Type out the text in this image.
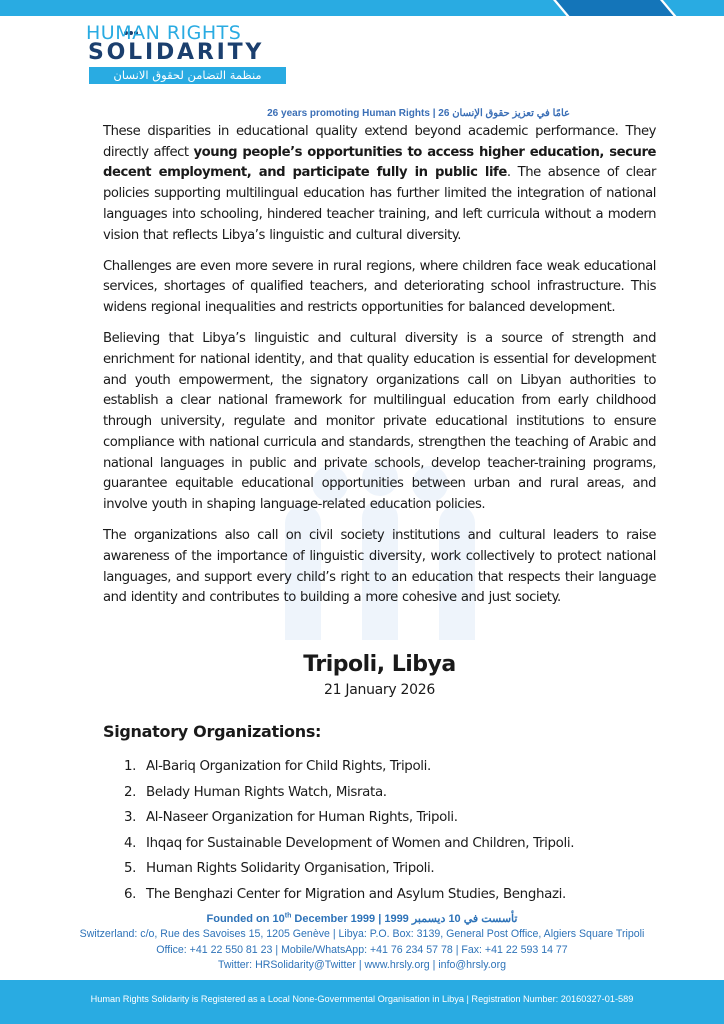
HUMAN RIGHTS
SOLIDARITY
منظمة التضامن لحقوق الانسان
26 years promoting Human Rights | 26 عامًا في تعزيز حقوق الإنسان

These disparities in educational quality extend beyond academic performance. They directly affect young people’s opportunities to access higher education, secure decent employment, and participate fully in public life. The absence of clear policies supporting multilingual education has further limited the integration of national languages into schooling, hindered teacher training, and left curricula without a modern vision that reflects Libya’s linguistic and cultural diversity.

Challenges are even more severe in rural regions, where children face weak educational services, shortages of qualified teachers, and deteriorating school infrastructure. This widens regional inequalities and restricts opportunities for balanced development.

Believing that Libya’s linguistic and cultural diversity is a source of strength and enrichment for national identity, and that quality education is essential for development and youth empowerment, the signatory organizations call on Libyan authorities to establish a clear national framework for multilingual education from early childhood through university, regulate and monitor private educational institutions to ensure compliance with national curricula and standards, strengthen the teaching of Arabic and national languages in public and private schools, develop teacher-training programs, guarantee equitable educational opportunities between urban and rural areas, and involve youth in shaping language-related education policies.

The organizations also call on civil society institutions and cultural leaders to raise awareness of the importance of linguistic diversity, work collectively to protect national languages, and support every child’s right to an education that respects their language and identity and contributes to building a more cohesive and just society.

Tripoli, Libya
21 January 2026
Signatory Organizations:
1. Al-Bariq Organization for Child Rights, Tripoli.
2. Belady Human Rights Watch, Misrata.
3. Al-Naseer Organization for Human Rights, Tripoli.
4. Ihqaq for Sustainable Development of Women and Children, Tripoli.
5. Human Rights Solidarity Organisation, Tripoli.
6. The Benghazi Center for Migration and Asylum Studies, Benghazi.
Founded on 10th December 1999 | 1999 تأسست في 10 ديسمبر
Switzerland: c/o, Rue des Savoises 15, 1205 Genève | Libya: P.O. Box: 3139, General Post Office, Algiers Square Tripoli
Office: +41 22 550 81 23 | Mobile/WhatsApp: +41 76 234 57 78 | Fax: +41 22 593 14 77
Twitter: HRSolidarity@Twitter | www.hrsly.org | info@hrsly.org
Human Rights Solidarity is Registered as a Local None-Governmental Organisation in Libya | Registration Number: 20160327-01-589
